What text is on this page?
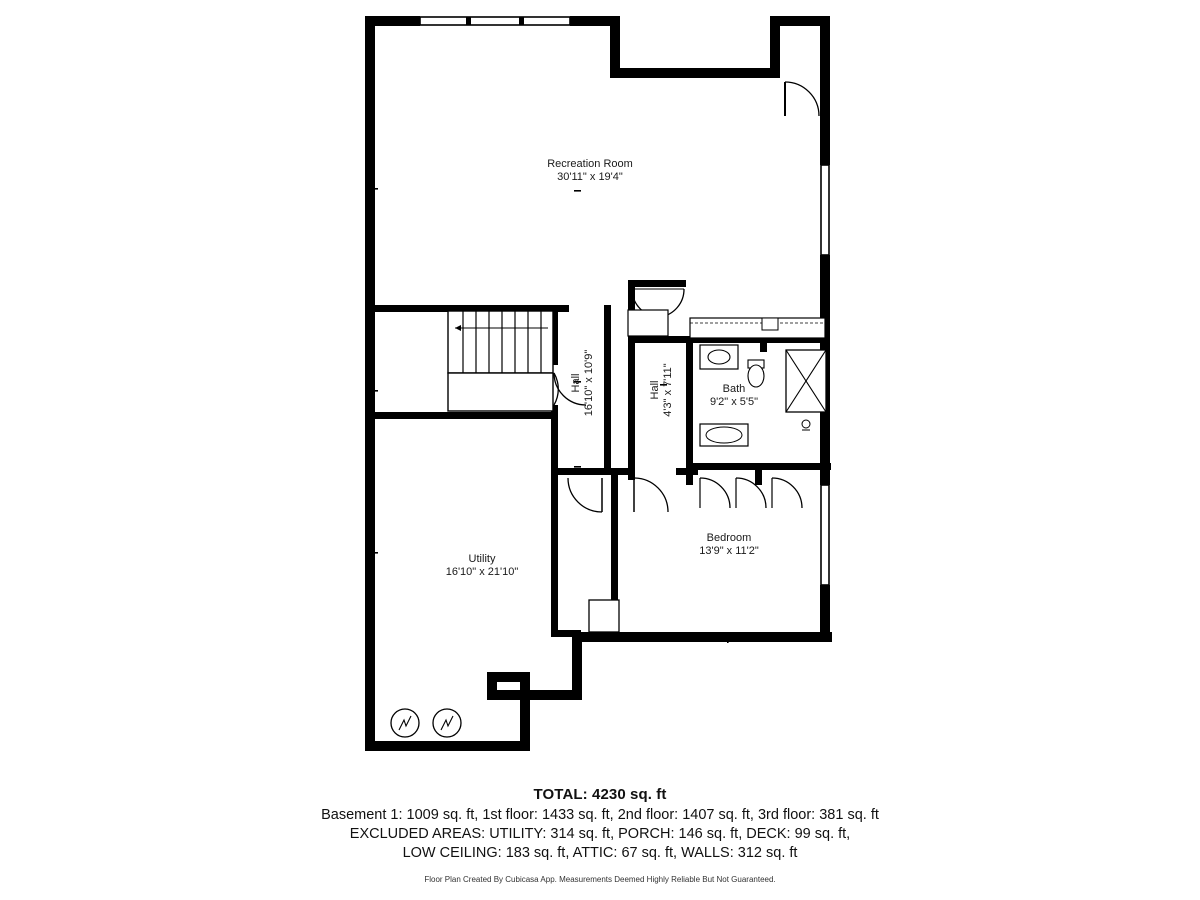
Recreation Room
30'11" x 19'4"
Hall 16'10" x 10'9"	Hall 4'3" x 7'11"	Bath
9'2" x 5'5"
Bedroom
13'9" x 11'2"
Utility
16'10" x 21'10"
TOTAL: 4230 sq. ft
Basement 1: 1009 sq. ft, 1st floor: 1433 sq. ft, 2nd floor: 1407 sq. ft, 3rd floor: 381 sq. ft
EXCLUDED AREAS: UTILITY: 314 sq. ft, PORCH: 146 sq. ft, DECK: 99 sq. ft,
LOW CEILING: 183 sq. ft, ATTIC: 67 sq. ft, WALLS: 312 sq. ft
Floor Plan Created By Cubicasa App. Measurements Deemed Highly Reliable But Not Guaranteed.
